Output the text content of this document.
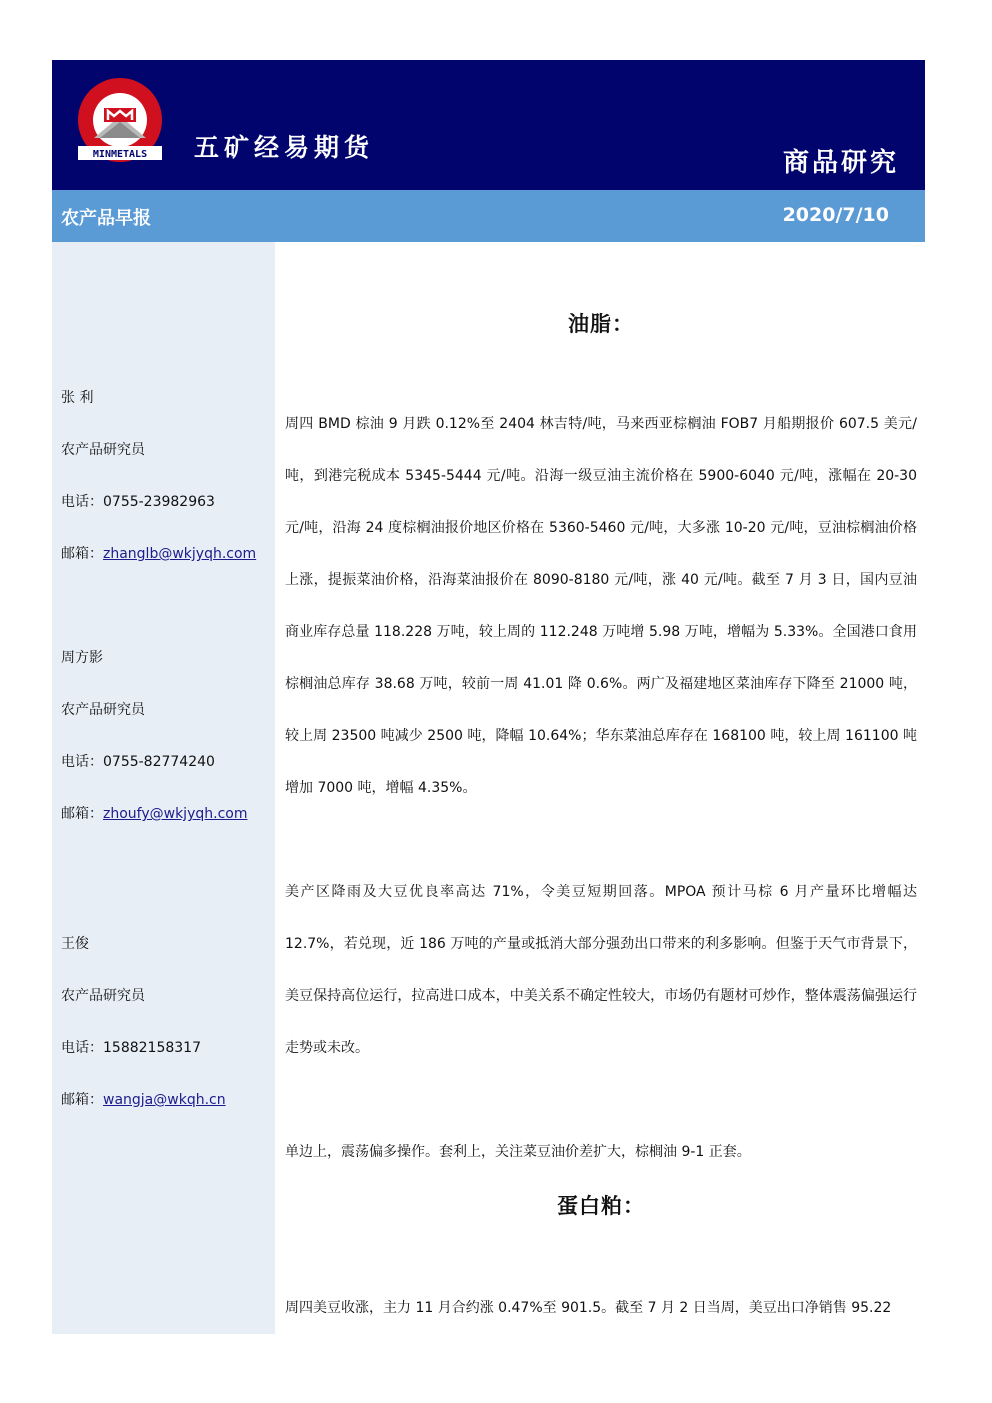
MINMETALS 五矿经易期货
商品研究
农产品早报	2020/7/10
张 利
农产品研究员
电话：0755-23982963
邮箱：zhanglb@wkjyqh.com
周方影
农产品研究员
电话：0755-82774240
邮箱：zhoufy@wkjyqh.com
王俊
农产品研究员
电话：15882158317
邮箱：wangja@wkqh.cn
油脂：

周四 BMD 棕油 9 月跌 0.12%至 2404 林吉特/吨，马来西亚棕榈油 FOB7 月船期报价 607.5 美元/吨，到港完税成本 5345-5444 元/吨。沿海一级豆油主流价格在 5900-6040 元/吨，涨幅在 20-30 元/吨，沿海 24 度棕榈油报价地区价格在 5360-5460 元/吨，大多涨 10-20 元/吨，豆油棕榈油价格上涨，提振菜油价格，沿海菜油报价在 8090-8180 元/吨，涨 40 元/吨。截至 7 月 3 日，国内豆油商业库存总量 118.228 万吨，较上周的 112.248 万吨增 5.98 万吨，增幅为 5.33%。全国港口食用棕榈油总库存 38.68 万吨，较前一周 41.01 降 0.6%。两广及福建地区菜油库存下降至 21000 吨，较上周 23500 吨减少 2500 吨，降幅 10.64%；华东菜油总库存在 168100 吨，较上周 161100 吨增加 7000 吨，增幅 4.35%。

美产区降雨及大豆优良率高达 71%，令美豆短期回落。MPOA 预计马棕 6 月产量环比增幅达 12.7%，若兑现，近 186 万吨的产量或抵消大部分强劲出口带来的利多影响。但鉴于天气市背景下，美豆保持高位运行，拉高进口成本，中美关系不确定性较大，市场仍有题材可炒作，整体震荡偏强运行走势或未改。

单边上，震荡偏多操作。套利上，关注菜豆油价差扩大，棕榈油 9-1 正套。

蛋白粕：

周四美豆收涨，主力 11 月合约涨 0.47%至 901.5。截至 7 月 2 日当周，美豆出口净销售 95.22
